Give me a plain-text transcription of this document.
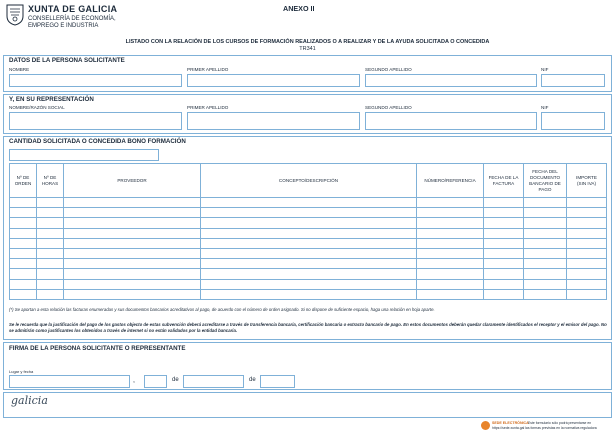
XUNTA DE GALICIA
CONSELLERÍA DE ECONOMÍA,
EMPREGO E INDUSTRIA
ANEXO II
LISTADO CON LA RELACIÓN DE LOS CURSOS DE FORMACIÓN REALIZADOS O A REALIZAR Y DE LA AYUDA SOLICITADA O CONCEDIDA
TR341
DATOS DE LA PERSONA SOLICITANTE
NOMBRE	PRIMER APELLIDO	SEGUNDO APELLIDO	NIF
Y, EN SU REPRESENTACIÓN
NOMBRE/RAZÓN SOCIAL	PRIMER APELLIDO	SEGUNDO APELLIDO	NIF
CANTIDAD SOLICITADA O CONCEDIDA BONO FORMACIÓN
Nº DE
ORDEN	Nº DE
HORAS	PROVEEDOR	CONCEPTO/DESCRIPCIÓN	NÚMERO/REFERENCIA	FECHA DE LA
FACTURA	FECHA DEL
DOCUMENTO
BANCARIO DE
PAGO	IMPORTE
(SIN IVA)

(*) Se aportan a esta relación las facturas enumeradas y sus documentos bancarios acreditativos al pago, de acuerdo con el número de orden asignado. Si no dispone de suficiente espacio, haga una relación en hoja aparte.
Se le recuerda que la justificación del pago de los gastos objecto de estas subvención deberá acreditarse a través de transferencia bancaria, certificación bancaria o extracto bancario de pago. En estos documentos deberán quedar claramente identificados el receptor y el emisor del pago. No se admitirán como justificantes los obtenidos a través de internet si no están validados por la entidad bancaria.
FIRMA DE LA PERSONA SOLICITANTE O REPRESENTANTE
Lugar y fecha
,	de	de
galicia
SEDE ELECTRÓNICA Este formulario sólo podrá presentarse en
https://sede.xunta.gal las formas previstas en la normativa reguladora
